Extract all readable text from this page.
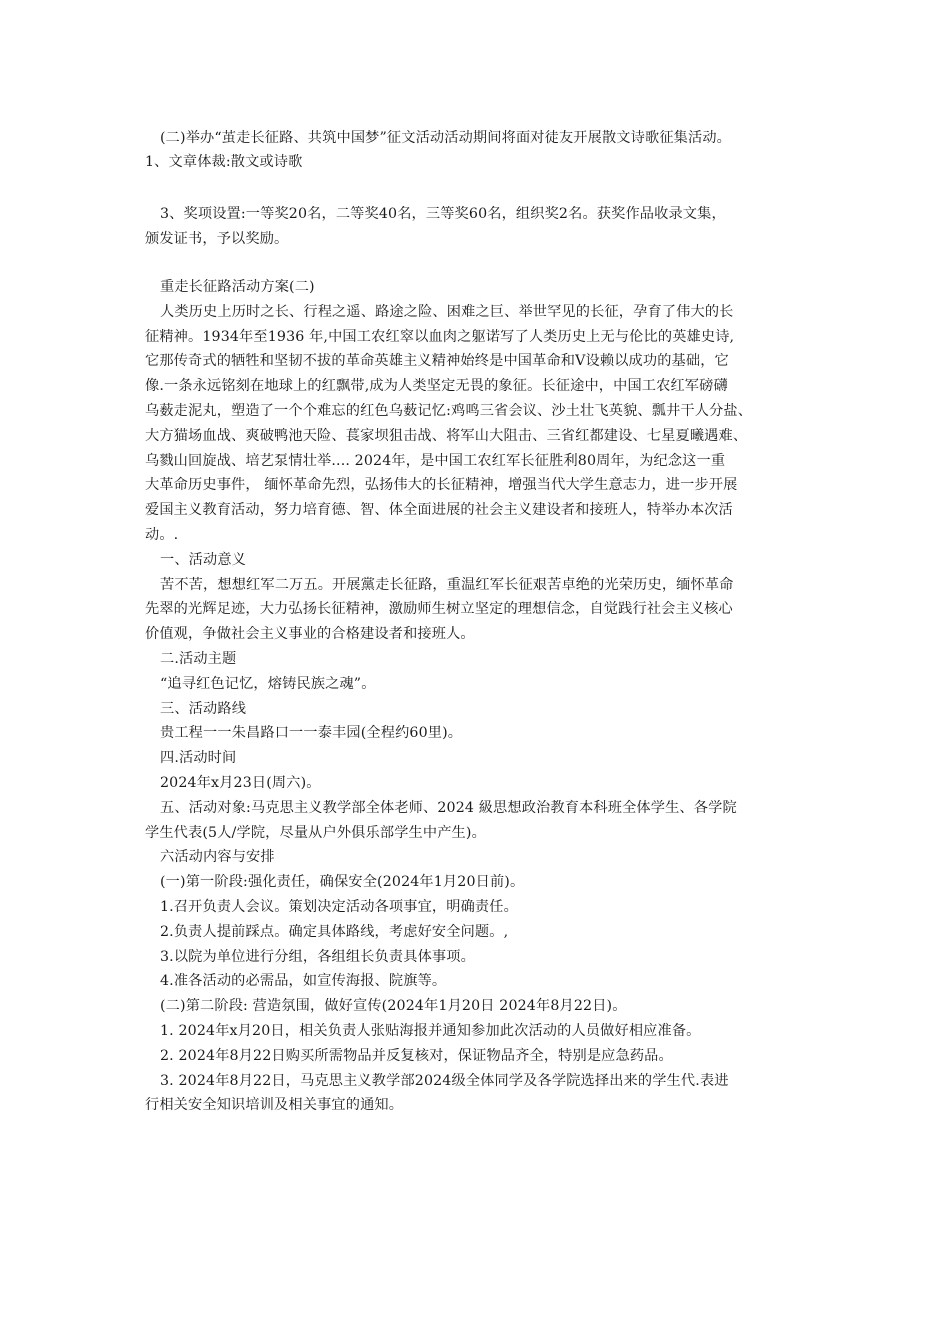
(二)举办“茧走长征路、共筑中国梦”征文活动活动期间将面对徒友开展散文诗歌征集活动。
1、文章体裁:散文或诗歌
3、奖项设置:一等奖20名，二等奖40名，三等奖60名，组织奖2名。获奖作品收录文集，
颁发证书，予以奖励。
重走长征路活动方案(二)
人类历史上历时之长、行程之遥、路途之险、困难之巨、举世罕见的长征，孕育了伟大的长
征精神。1934年至1936 年,中国工农红窣以血肉之躯诺写了人类历史上无与伦比的英雄史诗,
它那传奇式的牺牲和坚韧不拔的革命英雄主义精神始终是中国革命和Ⅴ设赖以成功的基础，它
像.一条永远铭刻在地球上的红飘带,成为人类坚定无畏的象征。长征途中，中国工农红军磅礴
乌薮走泥丸，塑造了一个个难忘的红色乌薮记忆:鸡鸣三省会议、沙土壮飞英貌、瓢井干人分盐、
大方猫场血战、爽破鸭池天险、萇家坝狙击战、将军山大阻击、三省红都建设、七星夏曦遇难、
乌戮山回旋战、培艺泵情壮举.... 2024年，是中国工农红军长征胜利80周年，为纪念这一重
大革命历史事件， 缅怀革命先烈，弘扬伟大的长征精神，增强当代大学生意志力，进一步开展
爱国主义教育活动，努力培育德、智、体全面进展的社会主义建设者和接班人，特举办本次活
动。.
一、活动意义
苦不苦，想想红军二万五。开展黨走长征路，重温红军长征艰苦卓绝的光荣历史，缅怀革命
先翠的光辉足迹，大力弘扬长征精神，激励师生树立坚定的理想信念，自觉践行社会主义核心
价值观，争做社会主义事业的合格建设者和接班人。
二.活动主题
“追寻红色记忆，熔铸民族之魂”。
三、活动路线
贵工程一一朱昌路口一一泰丰园(全程约60里)。
四.活动时间
2024年x月23日(周六)。
五、活动对象:马克思主义教学部全体老师、2024 級思想政治教育本科班全体学生、各学院
学生代表(5人/学院，尽量从户外俱乐部学生中产生)。
六活动内容与安排
(一)第一阶段:强化责任，确保安全(2024年1月20日前)。
1.召开负责人会议。策划决定活动各项事宜，明确责任。
2.负责人提前踩点。确定具体路线，考虑好安全问题。,
3.以院为单位进行分组，各组组长负责具体事项。
4.准各活动的必需品，如宣传海报、院旗等。
(二)第二阶段: 营造氛围，做好宣传(2024年1月20日 2024年8月22日)。
1. 2024年x月20日，相关负责人张贴海报并通知参加此次活动的人员做好相应准备。
2. 2024年8月22日购买所需物品并反复核对，保证物品齐全，特别是应急药品。
3. 2024年8月22日，马克思主义教学部2024级全体同学及各学院选择出来的学生代.表进
行相关安全知识培训及相关事宜的通知。
